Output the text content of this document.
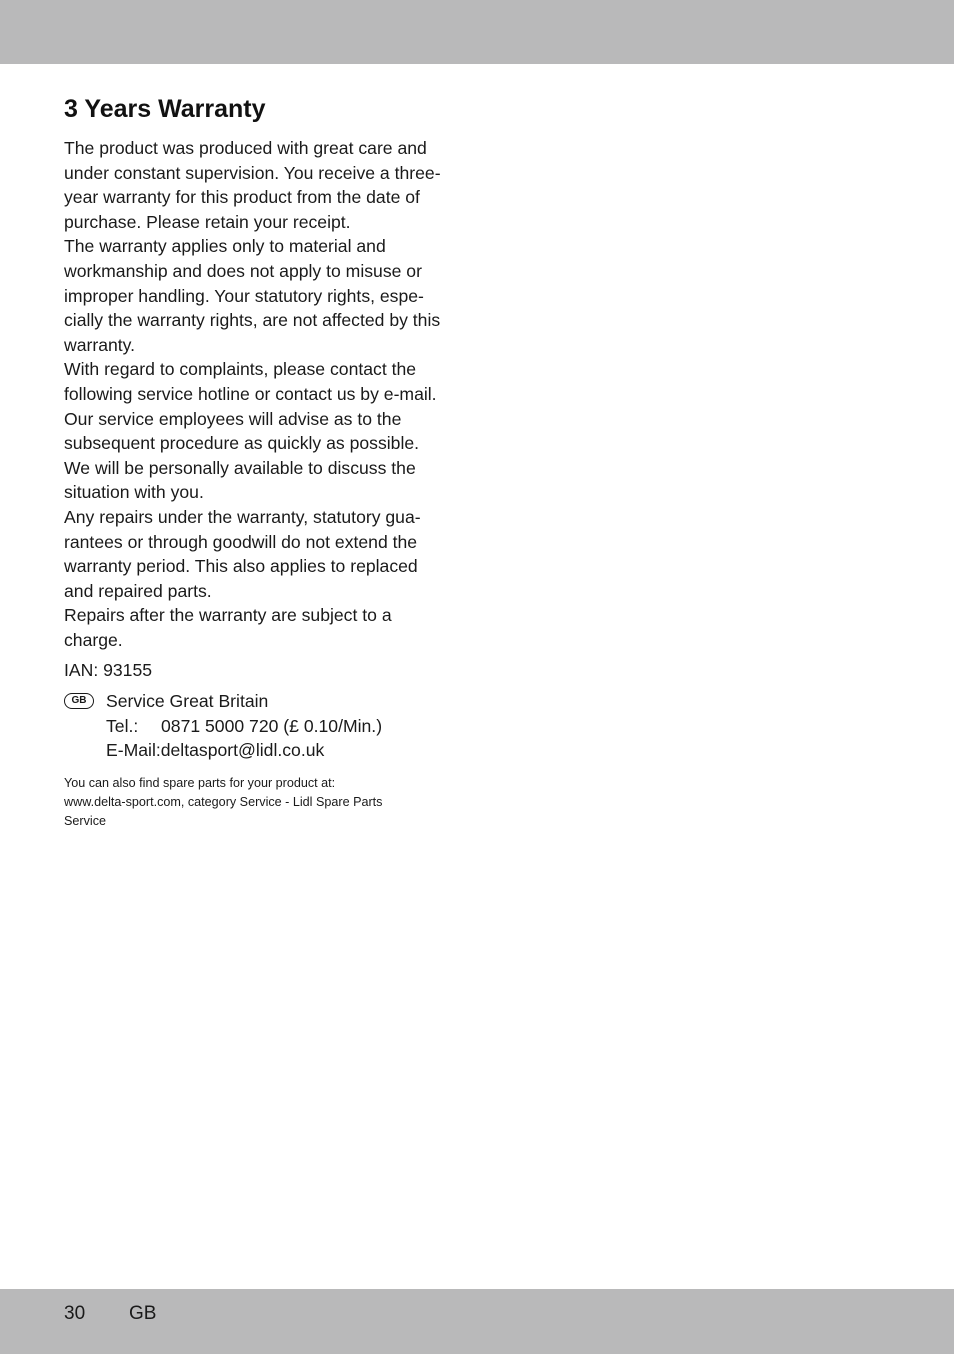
3 Years Warranty

The product was produced with great care and

under constant supervision. You receive a three-

year warranty for this product from the date of

purchase. Please retain your receipt.

The warranty applies only to material and

workmanship and does not apply to misuse or

improper handling. Your statutory rights, espe-

cially the warranty rights, are not affected by this

warranty.

With regard to complaints, please contact the

following service hotline or contact us by e-mail.

Our service employees will advise as to the

subsequent procedure as quickly as possible.

We will be personally available to discuss the

situation with you.

Any repairs under the warranty, statutory gua-

rantees or through goodwill do not extend the

warranty period. This also applies to replaced

and repaired parts.

Repairs after the warranty are subject to a

charge.

IAN: 93155
GB	Service Great Britain
Tel.: 0871 5000 720 (£ 0.10/Min.)
E-Mail:deltasport@lidl.co.uk

You can also find spare parts for your product at:

www.delta-sport.com, category Service - Lidl Spare Parts

Service

30 GB
